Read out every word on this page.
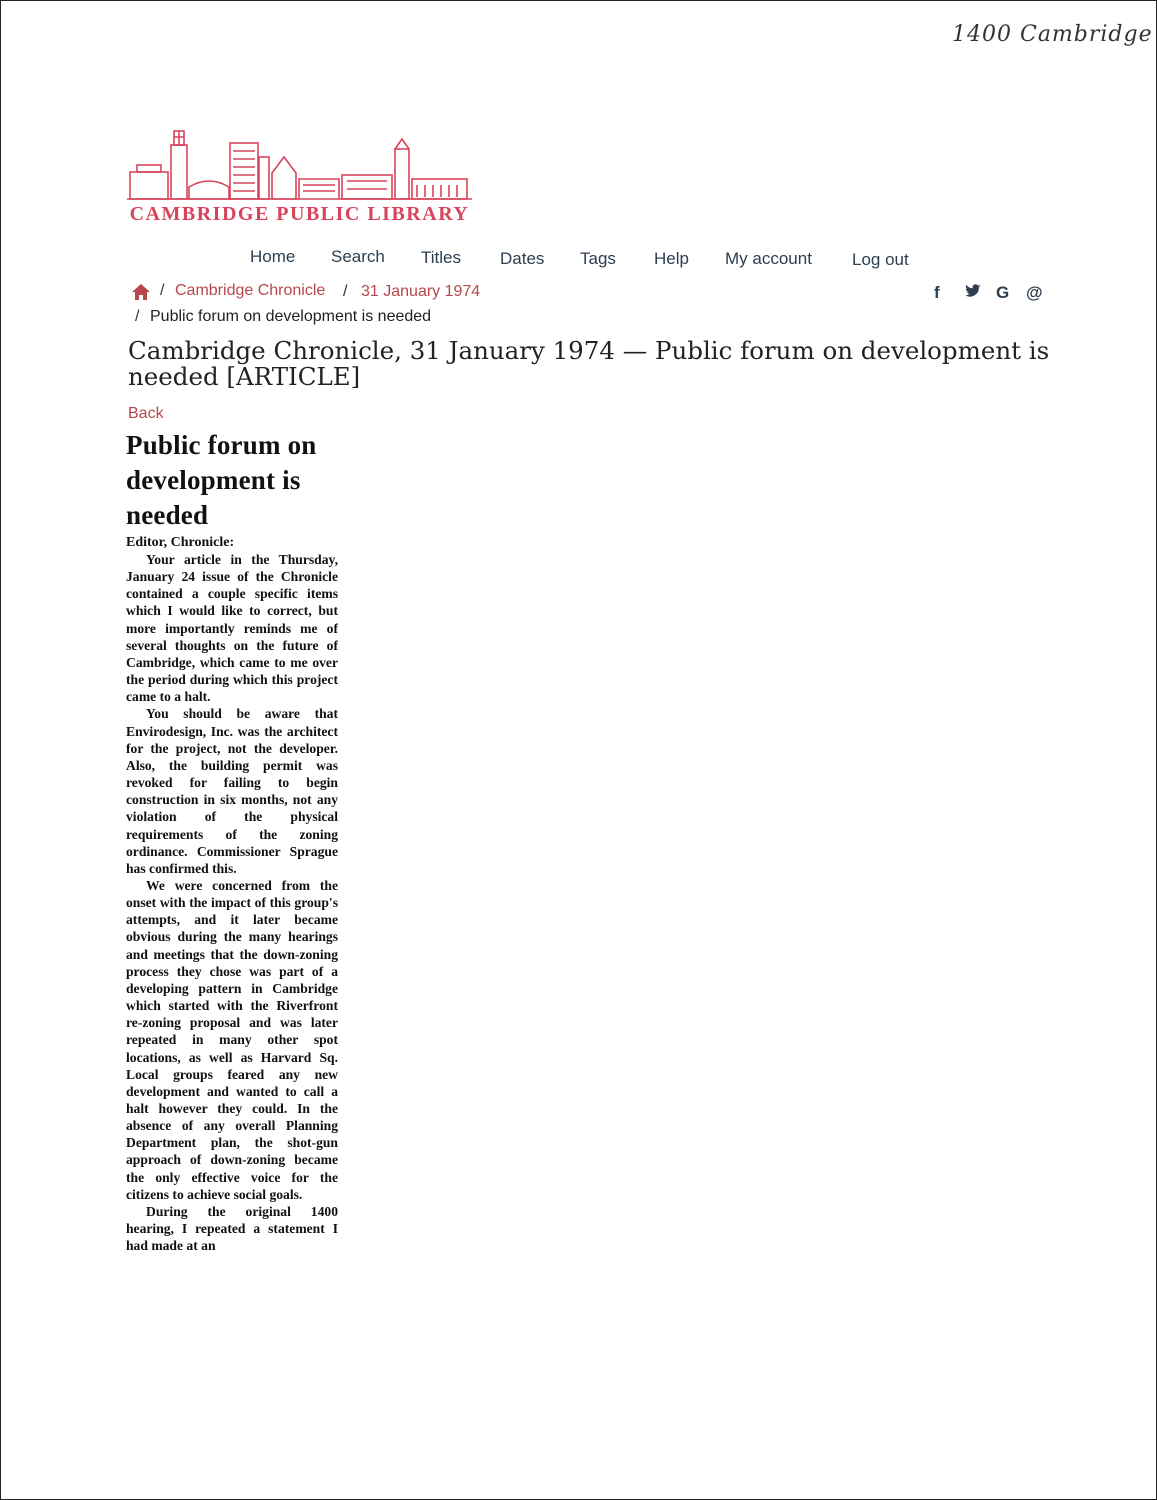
1400 Cambridge
CAMBRIDGE PUBLIC LIBRARY
Home Search Titles Dates Tags Help My account Log out
/ Cambridge Chronicle / 31 January 1974
/ Public forum on development is needed
f	G @
Cambridge Chronicle, 31 January 1974 — Public forum on development is needed [ARTICLE]
Back
Public forum on development is needed
Editor, Chronicle:

Your article in the Thursday, January 24 issue of the Chronicle contained a couple specific items which I would like to correct, but more importantly reminds me of several thoughts on the future of Cambridge, which came to me over the period during which this project came to a halt.

You should be aware that Envirodesign, Inc. was the architect for the project, not the developer. Also, the building permit was revoked for failing to begin construction in six months, not any violation of the physical requirements of the zoning ordinance. Commissioner Sprague has confirmed this.

We were concerned from the onset with the impact of this group's attempts, and it later became obvious during the many hearings and meetings that the down-zoning process they chose was part of a developing pattern in Cambridge which started with the Riverfront re-zoning proposal and was later repeated in many other spot locations, as well as Harvard Sq. Local groups feared any new development and wanted to call a halt however they could. In the absence of any overall Planning Department plan, the shot-gun approach of down-zoning became the only effective voice for the citizens to achieve social goals.

During the original 1400 hearing, I repeated a statement I had made at an
